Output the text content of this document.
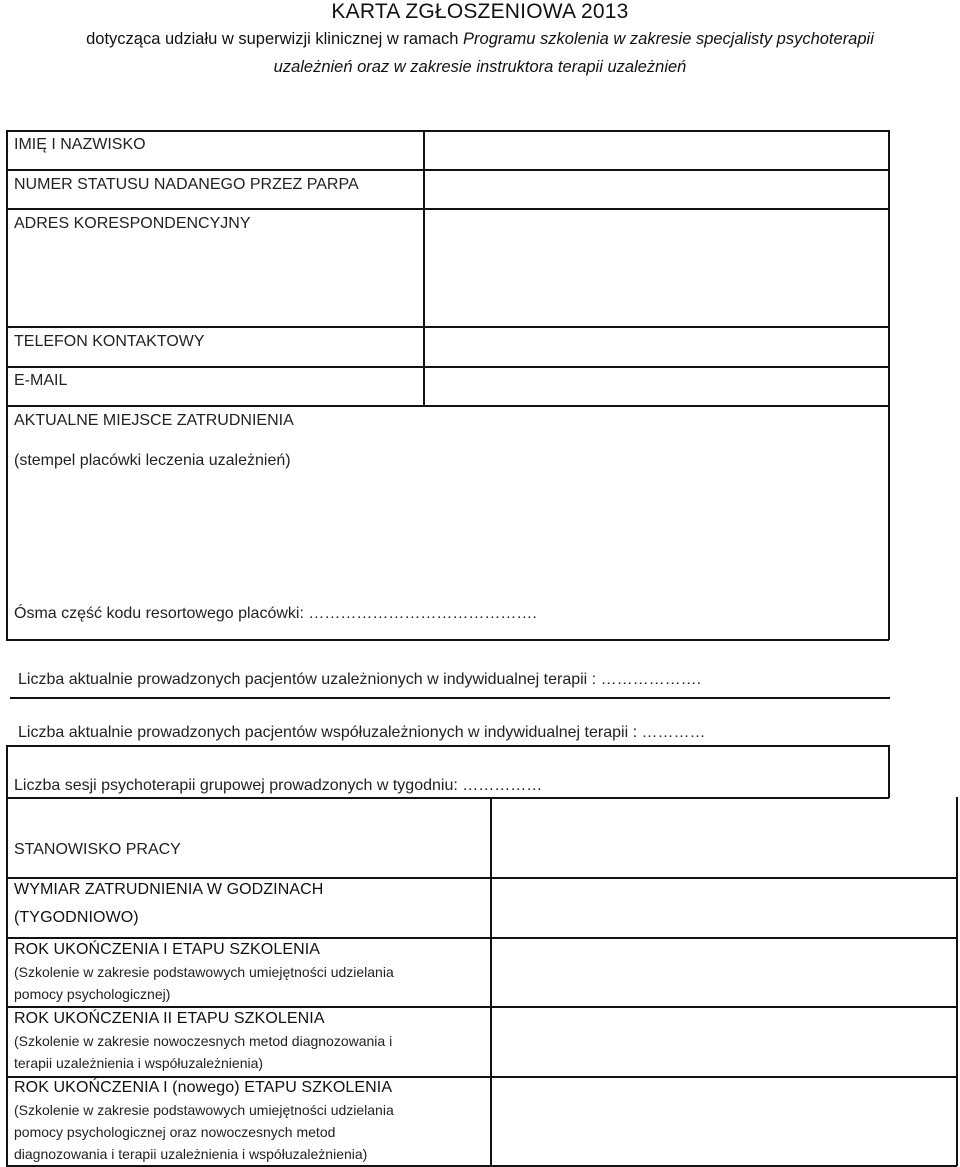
KARTA ZGŁOSZENIOWA 2013
dotycząca udziału w superwizji klinicznej w ramach Programu szkolenia w zakresie specjalisty psychoterapii
uzależnień oraz w zakresie instruktora terapii uzależnień
IMIĘ I NAZWISKO
NUMER STATUSU NADANEGO PRZEZ PARPA
ADRES KORESPONDENCYJNY
TELEFON KONTAKTOWY
E-MAIL
AKTUALNE MIEJSCE ZATRUDNIENIA
(stempel placówki leczenia uzależnień)
Ósma część kodu resortowego placówki: …………………………………….
Liczba aktualnie prowadzonych pacjentów uzależnionych w indywidualnej terapii : ……………….
Liczba aktualnie prowadzonych pacjentów współuzależnionych w indywidualnej terapii : …………
Liczba sesji psychoterapii grupowej prowadzonych w tygodniu: ……………
STANOWISKO PRACY
WYMIAR ZATRUDNIENIA W GODZINACH
(TYGODNIOWO)
ROK UKOŃCZENIA I ETAPU SZKOLENIA
(Szkolenie w zakresie podstawowych umiejętności udzielania
pomocy psychologicznej)
ROK UKOŃCZENIA II ETAPU SZKOLENIA
(Szkolenie w zakresie nowoczesnych metod diagnozowania i
terapii uzależnienia i współuzależnienia)
ROK UKOŃCZENIA I (nowego) ETAPU SZKOLENIA
(Szkolenie w zakresie podstawowych umiejętności udzielania
pomocy psychologicznej oraz nowoczesnych metod
diagnozowania i terapii uzależnienia i współuzależnienia)
